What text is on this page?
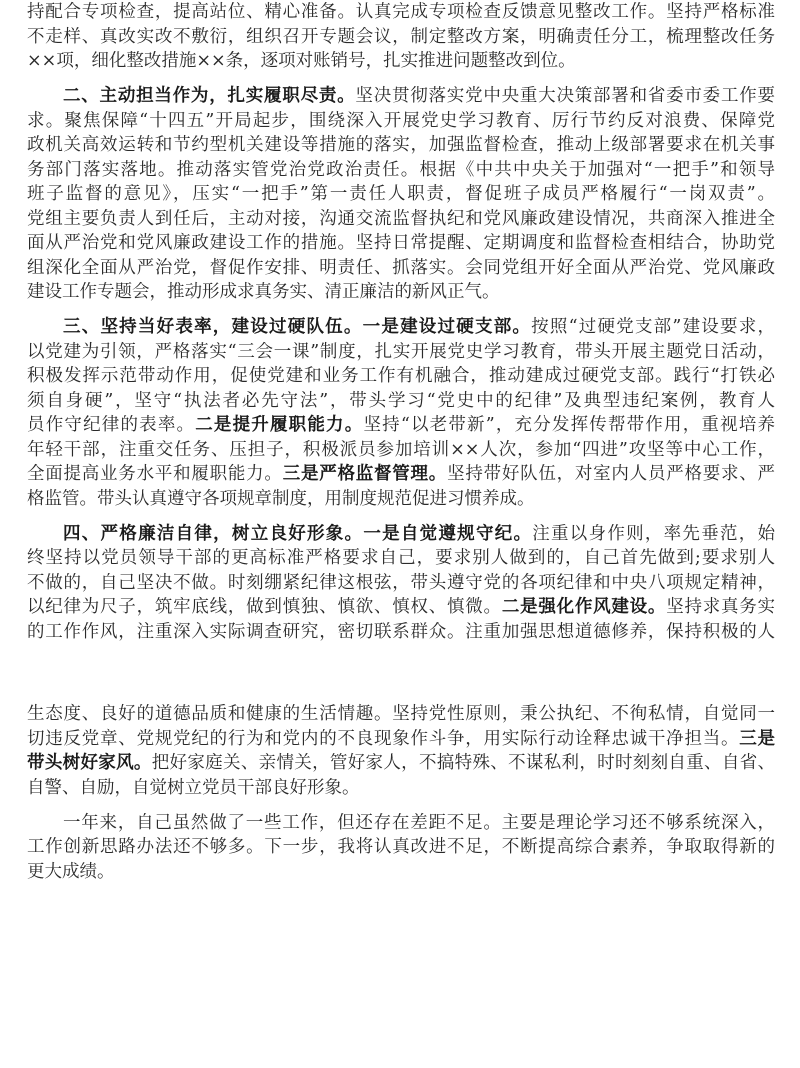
持配合专项检查，提高站位、精心准备。认真完成专项检查反馈意见整改工作。坚持严格标准
不走样、真改实改不敷衍，组织召开专题会议，制定整改方案，明确责任分工，梳理整改任务
××项，细化整改措施××条，逐项对账销号，扎实推进问题整改到位。
二、主动担当作为，扎实履职尽责。坚决贯彻落实党中央重大决策部署和省委市委工作要
求。聚焦保障“十四五”开局起步，围绕深入开展党史学习教育、厉行节约反对浪费、保障党
政机关高效运转和节约型机关建设等措施的落实，加强监督检查，推动上级部署要求在机关事
务部门落实落地。推动落实管党治党政治责任。根据《中共中央关于加强对“一把手”和领导
班子监督的意见》，压实“一把手”第一责任人职责，督促班子成员严格履行“一岗双责”。
党组主要负责人到任后，主动对接，沟通交流监督执纪和党风廉政建设情况，共商深入推进全
面从严治党和党风廉政建设工作的措施。坚持日常提醒、定期调度和监督检查相结合，协助党
组深化全面从严治党，督促作安排、明责任、抓落实。会同党组开好全面从严治党、党风廉政
建设工作专题会，推动形成求真务实、清正廉洁的新风正气。
三、坚持当好表率，建设过硬队伍。一是建设过硬支部。按照“过硬党支部”建设要求，
以党建为引领，严格落实“三会一课”制度，扎实开展党史学习教育，带头开展主题党日活动，
积极发挥示范带动作用，促使党建和业务工作有机融合，推动建成过硬党支部。践行“打铁必
须自身硬”，坚守“执法者必先守法”，带头学习“党史中的纪律”及典型违纪案例，教育人
员作守纪律的表率。二是提升履职能力。坚持“以老带新”，充分发挥传帮带作用，重视培养
年轻干部，注重交任务、压担子，积极派员参加培训××人次，参加“四进”攻坚等中心工作，
全面提高业务水平和履职能力。三是严格监督管理。坚持带好队伍，对室内人员严格要求、严
格监管。带头认真遵守各项规章制度，用制度规范促进习惯养成。
四、严格廉洁自律，树立良好形象。一是自觉遵规守纪。注重以身作则，率先垂范，始
终坚持以党员领导干部的更高标准严格要求自己，要求别人做到的，自己首先做到;要求别人
不做的，自己坚决不做。时刻绷紧纪律这根弦，带头遵守党的各项纪律和中央八项规定精神，
以纪律为尺子，筑牢底线，做到慎独、慎欲、慎权、慎微。二是强化作风建设。坚持求真务实
的工作作风，注重深入实际调查研究，密切联系群众。注重加强思想道德修养，保持积极的人
生态度、良好的道德品质和健康的生活情趣。坚持党性原则，秉公执纪、不徇私情，自觉同一
切违反党章、党规党纪的行为和党内的不良现象作斗争，用实际行动诠释忠诚干净担当。三是
带头树好家风。把好家庭关、亲情关，管好家人，不搞特殊、不谋私利，时时刻刻自重、自省、
自警、自励，自觉树立党员干部良好形象。
一年来，自己虽然做了一些工作，但还存在差距不足。主要是理论学习还不够系统深入，
工作创新思路办法还不够多。下一步，我将认真改进不足，不断提高综合素养，争取取得新的
更大成绩。
